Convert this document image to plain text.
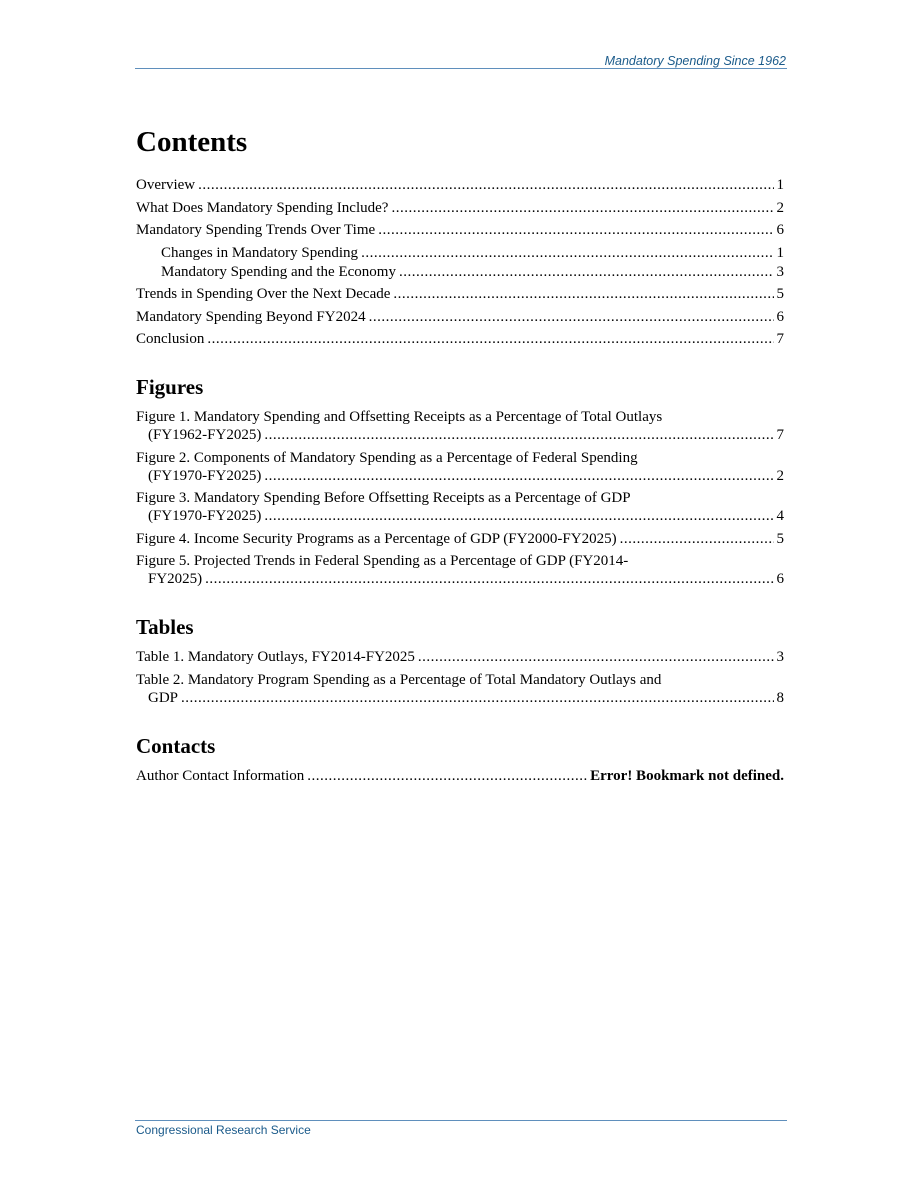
Mandatory Spending Since 1962
Contents
Overview .....	1
What Does Mandatory Spending Include? .....	2
Mandatory Spending Trends Over Time .....	6
Changes in Mandatory Spending .....	1
Mandatory Spending and the Economy .....	3
Trends in Spending Over the Next Decade .....	5
Mandatory Spending Beyond FY2024 .....	6
Conclusion .....	7
Figures
Figure 1. Mandatory Spending and Offsetting Receipts as a Percentage of Total Outlays
(FY1962-FY2025) .....	7
Figure 2. Components of Mandatory Spending as a Percentage of Federal Spending
(FY1970-FY2025) .....	2
Figure 3. Mandatory Spending Before Offsetting Receipts as a Percentage of GDP
(FY1970-FY2025) .....	4
Figure 4. Income Security Programs as a Percentage of GDP (FY2000-FY2025) .....	5
Figure 5. Projected Trends in Federal Spending as a Percentage of GDP (FY2014-
FY2025) .....	6
Tables
Table 1. Mandatory Outlays, FY2014-FY2025 .....	3
Table 2. Mandatory Program Spending as a Percentage of Total Mandatory Outlays and
GDP .....	8
Contacts
Author Contact Information .....	Error! Bookmark not defined.
Congressional Research Service
